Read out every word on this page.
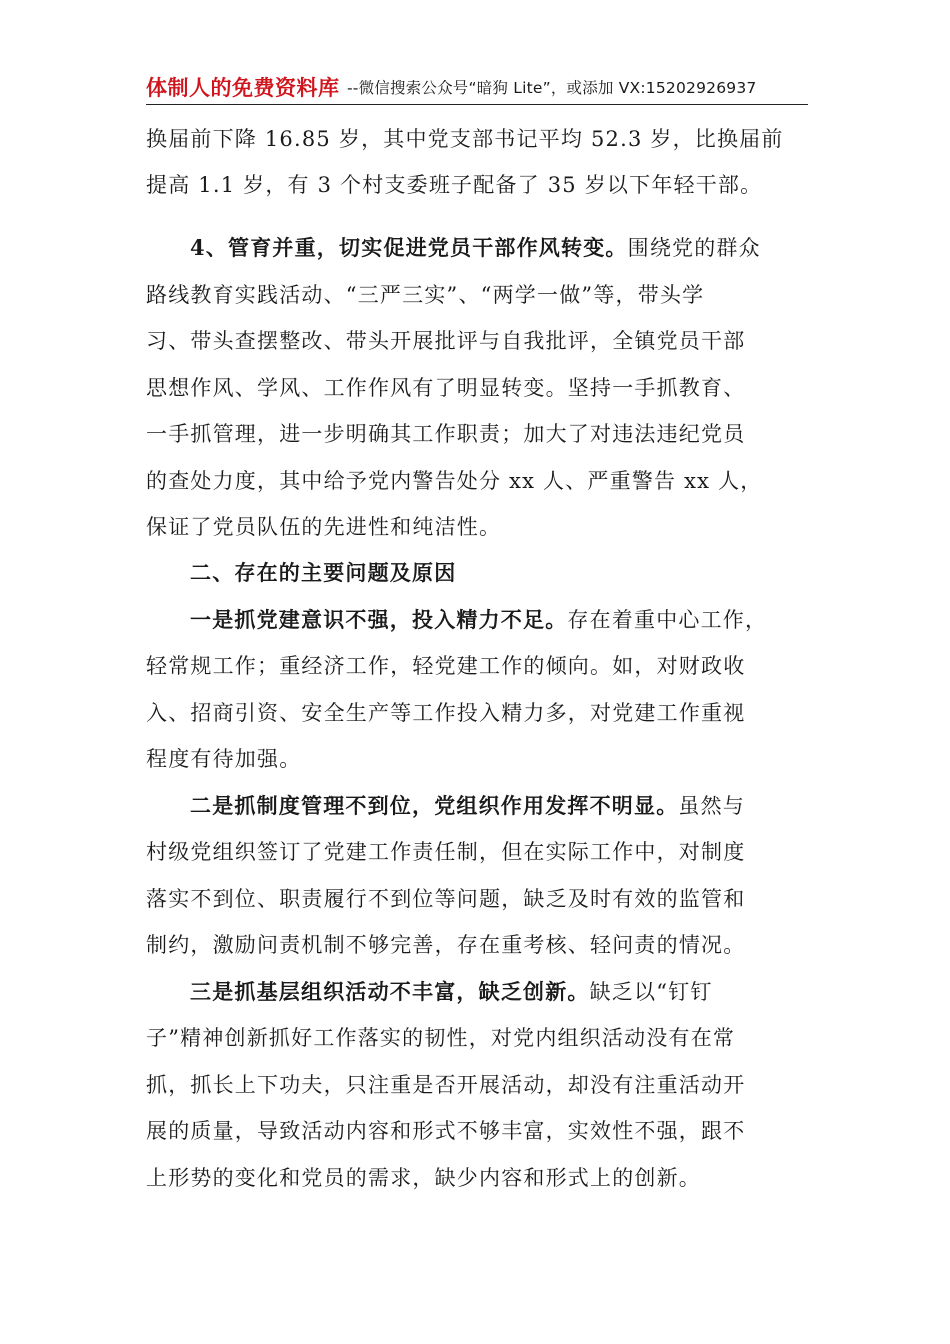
体制人的免费资料库 --微信搜索公众号“暗狗 Lite”，或添加 VX:15202926937
换届前下降 16.85 岁，其中党支部书记平均 52.3 岁，比换届前
提高 1.1 岁，有 3 个村支委班子配备了 35 岁以下年轻干部。
4、管育并重，切实促进党员干部作风转变。围绕党的群众
路线教育实践活动、“三严三实”、“两学一做”等，带头学
习、带头查摆整改、带头开展批评与自我批评，全镇党员干部
思想作风、学风、工作作风有了明显转变。坚持一手抓教育、
一手抓管理，进一步明确其工作职责；加大了对违法违纪党员
的查处力度，其中给予党内警告处分 xx 人、严重警告 xx 人，
保证了党员队伍的先进性和纯洁性。
二、存在的主要问题及原因
一是抓党建意识不强，投入精力不足。存在着重中心工作，
轻常规工作；重经济工作，轻党建工作的倾向。如，对财政收
入、招商引资、安全生产等工作投入精力多，对党建工作重视
程度有待加强。
二是抓制度管理不到位，党组织作用发挥不明显。虽然与
村级党组织签订了党建工作责任制，但在实际工作中，对制度
落实不到位、职责履行不到位等问题，缺乏及时有效的监管和
制约，激励问责机制不够完善，存在重考核、轻问责的情况。
三是抓基层组织活动不丰富，缺乏创新。缺乏以“钉钉
子”精神创新抓好工作落实的韧性，对党内组织活动没有在常
抓，抓长上下功夫，只注重是否开展活动，却没有注重活动开
展的质量，导致活动内容和形式不够丰富，实效性不强，跟不
上形势的变化和党员的需求，缺少内容和形式上的创新。
